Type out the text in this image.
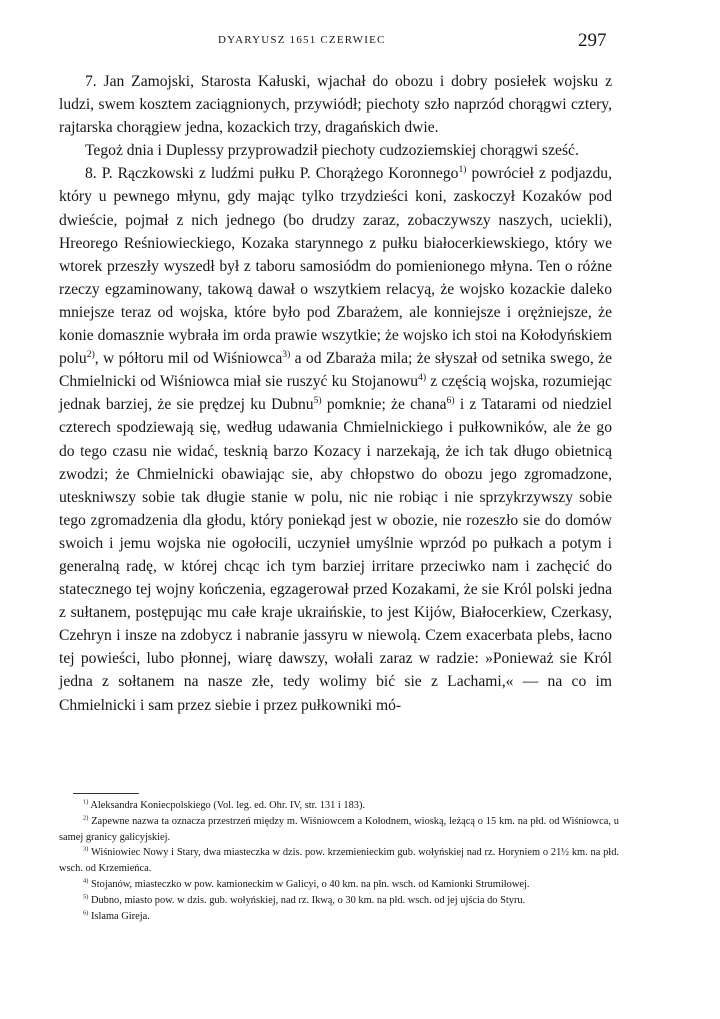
DYARYUSZ 1651 CZERWIEC	297

7. Jan Zamojski, Starosta Kałuski, wjachał do obozu i dobry posiełek wojsku z ludzi, swem kosztem zaciągnionych, przywiódł; piechoty szło naprzód chorągwi cztery, rajtarska chorągiew jedna, kozackich trzy, dragańskich dwie.

Tegoż dnia i Duplessy przyprowadził piechoty cudzoziemskiej chorągwi sześć.

8. P. Rączkowski z ludźmi pułku P. Chorążego Koronnego$^{1)}$ powrócieł z podjazdu, który u pewnego młynu, gdy mając tylko trzydzieści koni, zaskoczył Kozaków pod dwieście, pojmał z nich jednego (bo drudzy zaraz, zobaczywszy naszych, uciekli), Hreorego Reśniowieckiego, Kozaka starynnego z pułku białocerkiewskiego, który we wtorek przeszły wyszedł był z taboru samosiódm do pomienionego młyna. Ten o różne rzeczy egzaminowany, takową dawał o wszytkiem relacyą, że wojsko kozackie daleko mniejsze teraz od wojska, które było pod Zbarażem, ale konniejsze i orężniejsze, że konie domasznie wybrała im orda prawie wszytkie; że wojsko ich stoi na Kołodyńskiem polu$^{2)}$, w półtoru mil od Wiśniowca$^{3)}$ a od Zbaraża mila; że słyszał od setnika swego, że Chmielnicki od Wiśniowca miał sie ruszyć ku Stojanowu$^{4)}$ z częścią wojska, rozumiejąc jednak barziej, że sie prędzej ku Dubnu$^{5)}$ pomknie; że chana$^{6)}$ i z Tatarami od niedziel czterech spodziewają się, według udawania Chmielnickiego i pułkowników, ale że go do tego czasu nie widać, tesknią barzo Kozacy i narzekają, że ich tak długo obietnicą zwodzi; że Chmielnicki obawiając sie, aby chłopstwo do obozu jego zgromadzone, uteskniwszy sobie tak długie stanie w polu, nic nie robiąc i nie sprzykrzywszy sobie tego zgromadzenia dla głodu, który poniekąd jest w obozie, nie rozeszło sie do domów swoich i jemu wojska nie ogołocili, uczynieł umyślnie wprzód po pułkach a potym i generalną radę, w której chcąc ich tym barziej irritare przeciwko nam i zachęcić do statecznego tej wojny kończenia, egzagerował przed Kozakami, że sie Król polski jedna z sułtanem, postępując mu całe kraje ukraińskie, to jest Kijów, Białocerkiew, Czerkasy, Czehryn i insze na zdobycz i nabranie jassyru w niewolą. Czem exacerbata plebs, łacno tej powieści, lubo płonnej, wiarę dawszy, wołali zaraz w radzie: »Ponieważ sie Król jedna z sołtanem na nasze złe, tedy wolimy bić sie z Lachami,« — na co im Chmielnicki i sam przez siebie i przez pułkowniki mó-

$^{1)}$ Aleksandra Koniecpolskiego (Vol. leg. ed. Ohr. IV, str. 131 i 183).

$^{2)}$ Zapewne nazwa ta oznacza przestrzeń między m. Wiśniowcem a Kołodnem, wioską, leżącą o 15 km. na płd. od Wiśniowca, u samej granicy galicyjskiej.

$^{3)}$ Wiśniowiec Nowy i Stary, dwa miasteczka w dzis. pow. krzemienieckim gub. wołyńskiej nad rz. Horyniem o 21½ km. na płd. wsch. od Krzemieńca.

$^{4)}$ Stojanów, miasteczko w pow. kamioneckim w Galicyi, o 40 km. na płn. wsch. od Kamionki Strumiłowej.

$^{5)}$ Dubno, miasto pow. w dzis. gub. wołyńskiej, nad rz. Ikwą, o 30 km. na płd. wsch. od jej ujścia do Styru.

$^{6)}$ Islama Gireja.
